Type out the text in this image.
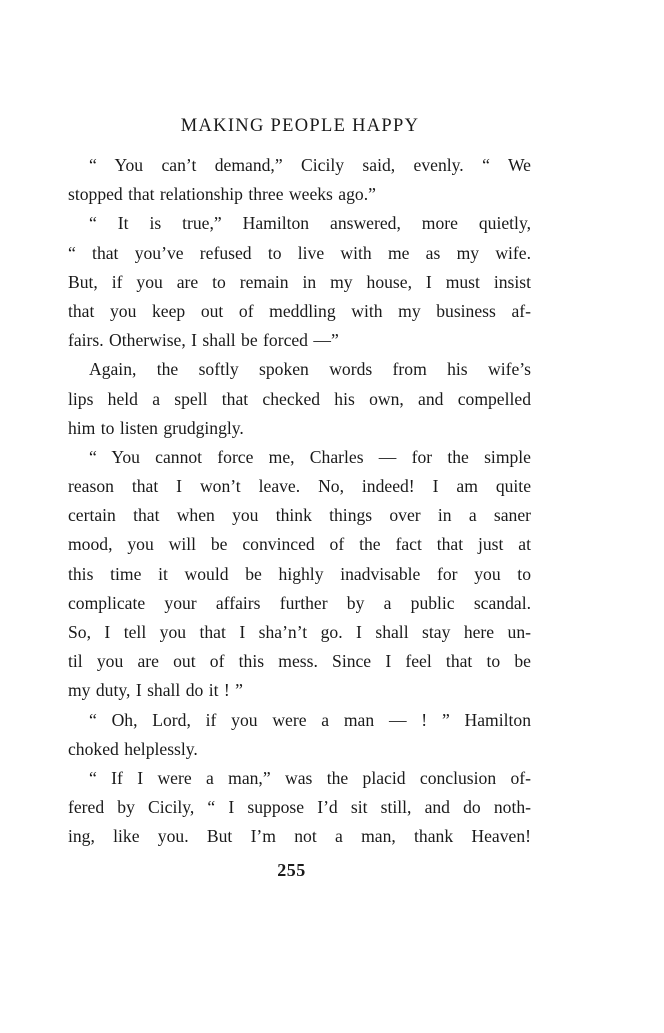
MAKING PEOPLE HAPPY
“ You can’t demand,” Cicily said, evenly. “ We
stopped that relationship three weeks ago.”
“ It is true,” Hamilton answered, more quietly,
“ that you’ve refused to live with me as my wife.
But, if you are to remain in my house, I must insist
that you keep out of meddling with my business af-
fairs. Otherwise, I shall be forced —”
Again, the softly spoken words from his wife’s
lips held a spell that checked his own, and compelled
him to listen grudgingly.
“ You cannot force me, Charles — for the simple
reason that I won’t leave. No, indeed! I am quite
certain that when you think things over in a saner
mood, you will be convinced of the fact that just at
this time it would be highly inadvisable for you to
complicate your affairs further by a public scandal.
So, I tell you that I sha’n’t go. I shall stay here un-
til you are out of this mess. Since I feel that to be
my duty, I shall do it ! ”
“ Oh, Lord, if you were a man — ! ” Hamilton
choked helplessly.
“ If I were a man,” was the placid conclusion of-
fered by Cicily, “ I suppose I’d sit still, and do noth-
ing, like you. But I’m not a man, thank Heaven!
255
